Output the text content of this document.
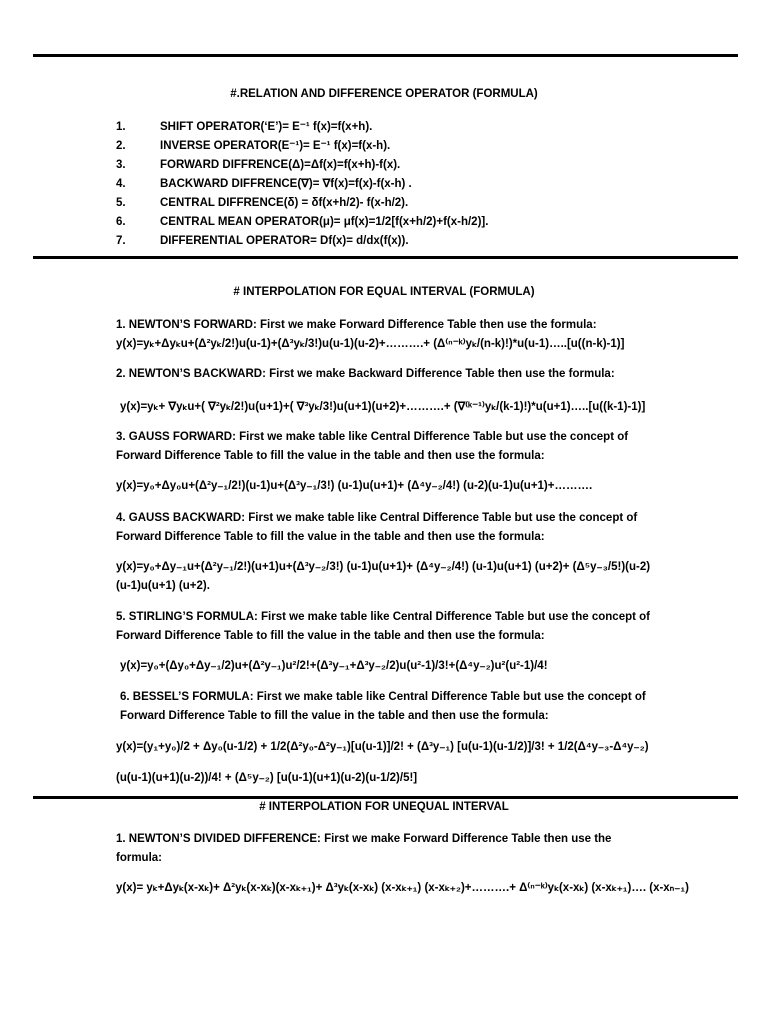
#.RELATION AND DIFFERENCE OPERATOR (FORMULA)
1.	SHIFT OPERATOR(‘E’)= E⁻¹ f(x)=f(x+h).
2.	INVERSE OPERATOR(E⁻¹)= E⁻¹ f(x)=f(x-h).
3.	FORWARD DIFFRENCE(Δ)=Δf(x)=f(x+h)-f(x).
4.	BACKWARD DIFFRENCE(∇)= ∇f(x)=f(x)-f(x-h) .
5.	CENTRAL DIFFRENCE(δ) = δf(x+h/2)- f(x-h/2).
6.	CENTRAL MEAN OPERATOR(μ)= μf(x)=1/2[f(x+h/2)+f(x-h/2)].
7.	DIFFERENTIAL OPERATOR= Df(x)= d/dx(f(x)).
# INTERPOLATION FOR EQUAL INTERVAL (FORMULA)
1. NEWTON’S FORWARD: First we make Forward Difference Table then use the formula:
y(x)=yₖ+Δyₖu+(Δ²yₖ/2!)u(u-1)+(Δ³yₖ/3!)u(u-1)(u-2)+……….+ (Δ⁽ⁿ⁻ᵏ⁾yₖ/(n-k)!)*u(u-1)…..[u((n-k)-1)]
2. NEWTON’S BACKWARD: First we make Backward Difference Table then use the formula:
y(x)=yₖ+ ∇yₖu+( ∇²yₖ/2!)u(u+1)+( ∇³yₖ/3!)u(u+1)(u+2)+……….+ (∇⁽ᵏ⁻¹⁾yₖ/(k-1)!)*u(u+1)…..[u((k-1)-1)]
3. GAUSS FORWARD: First we make table like Central Difference Table but use the concept of Forward Difference Table to fill the value in the table and then use the formula:
y(x)=y₀+Δy₀u+(Δ²y₋₁/2!)(u-1)u+(Δ³y₋₁/3!) (u-1)u(u+1)+ (Δ⁴y₋₂/4!) (u-2)(u-1)u(u+1)+……….
4. GAUSS BACKWARD: First we make table like Central Difference Table but use the concept of Forward Difference Table to fill the value in the table and then use the formula:
y(x)=y₀+Δy₋₁u+(Δ²y₋₁/2!)(u+1)u+(Δ³y₋₂/3!) (u-1)u(u+1)+ (Δ⁴y₋₂/4!) (u-1)u(u+1) (u+2)+ (Δ⁵y₋₃/5!)(u-2)
(u-1)u(u+1) (u+2).
5. STIRLING’S FORMULA: First we make table like Central Difference Table but use the concept of Forward Difference Table to fill the value in the table and then use the formula:
y(x)=y₀+(Δy₀+Δy₋₁/2)u+(Δ²y₋₁)u²/2!+(Δ³y₋₁+Δ³y₋₂/2)u(u²-1)/3!+(Δ⁴y₋₂)u²(u²-1)/4!
6. BESSEL’S FORMULA: First we make table like Central Difference Table but use the concept of Forward Difference Table to fill the value in the table and then use the formula:
y(x)=(y₁+y₀)/2 + Δy₀(u-1/2) + 1/2(Δ²y₀-Δ²y₋₁)[u(u-1)]/2! + (Δ³y₋₁) [u(u-1)(u-1/2)]/3! + 1/2(Δ⁴y₋₃-Δ⁴y₋₂)
(u(u-1)(u+1)(u-2))/4! + (Δ⁵y₋₂) [u(u-1)(u+1)(u-2)(u-1/2)/5!]
# INTERPOLATION FOR UNEQUAL INTERVAL
1. NEWTON’S DIVIDED DIFFERENCE: First we make Forward Difference Table then use the formula:
y(x)= yₖ+Δyₖ(x-xₖ)+ Δ²yₖ(x-xₖ)(x-xₖ₊₁)+ Δ³yₖ(x-xₖ) (x-xₖ₊₁) (x-xₖ₊₂)+……….+ Δ⁽ⁿ⁻ᵏ⁾yₖ(x-xₖ) (x-xₖ₊₁)…. (x-xₙ₋₁)
